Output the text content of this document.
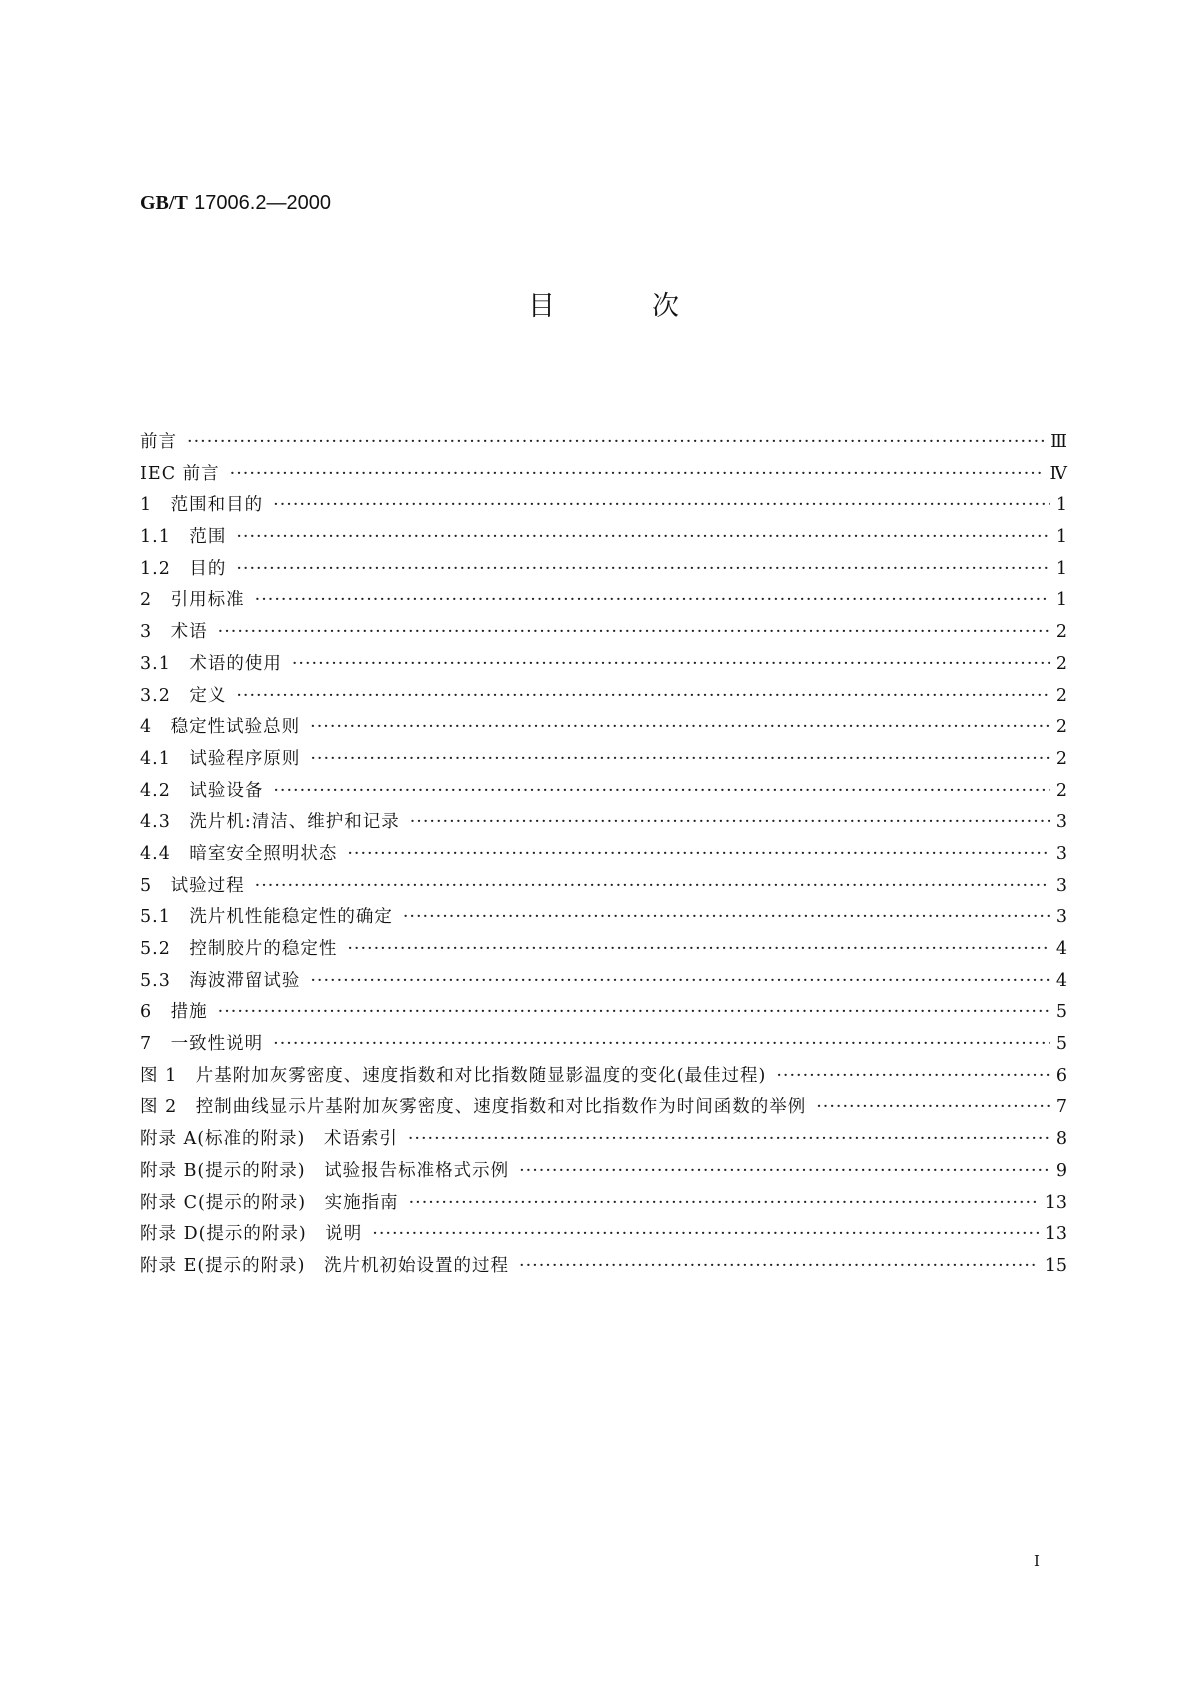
GB/T 17006.2—2000
目	次
前言 ·····	Ⅲ
IEC 前言 ·····	Ⅳ
1　范围和目的 ·····	1
1.1　范围 ·····	1
1.2　目的 ·····	1
2　引用标准 ·····	1
3　术语 ·····	2
3.1　术语的使用 ·····	2
3.2　定义 ·····	2
4　稳定性试验总则 ·····	2
4.1　试验程序原则 ·····	2
4.2　试验设备 ·····	2
4.3　洗片机:清洁、维护和记录 ·····	3
4.4　暗室安全照明状态 ·····	3
5　试验过程 ·····	3
5.1　洗片机性能稳定性的确定 ·····	3
5.2　控制胶片的稳定性 ·····	4
5.3　海波滞留试验 ·····	4
6　措施 ·····	5
7　一致性说明 ·····	5
图 1　片基附加灰雾密度、速度指数和对比指数随显影温度的变化(最佳过程) ·····	6
图 2　控制曲线显示片基附加灰雾密度、速度指数和对比指数作为时间函数的举例 ·····	7
附录 A(标准的附录)　术语索引 ·····	8
附录 B(提示的附录)　试验报告标准格式示例 ·····	9
附录 C(提示的附录)　实施指南 ·····	13
附录 D(提示的附录)　说明 ·····	13
附录 E(提示的附录)　洗片机初始设置的过程 ·····	15
I
